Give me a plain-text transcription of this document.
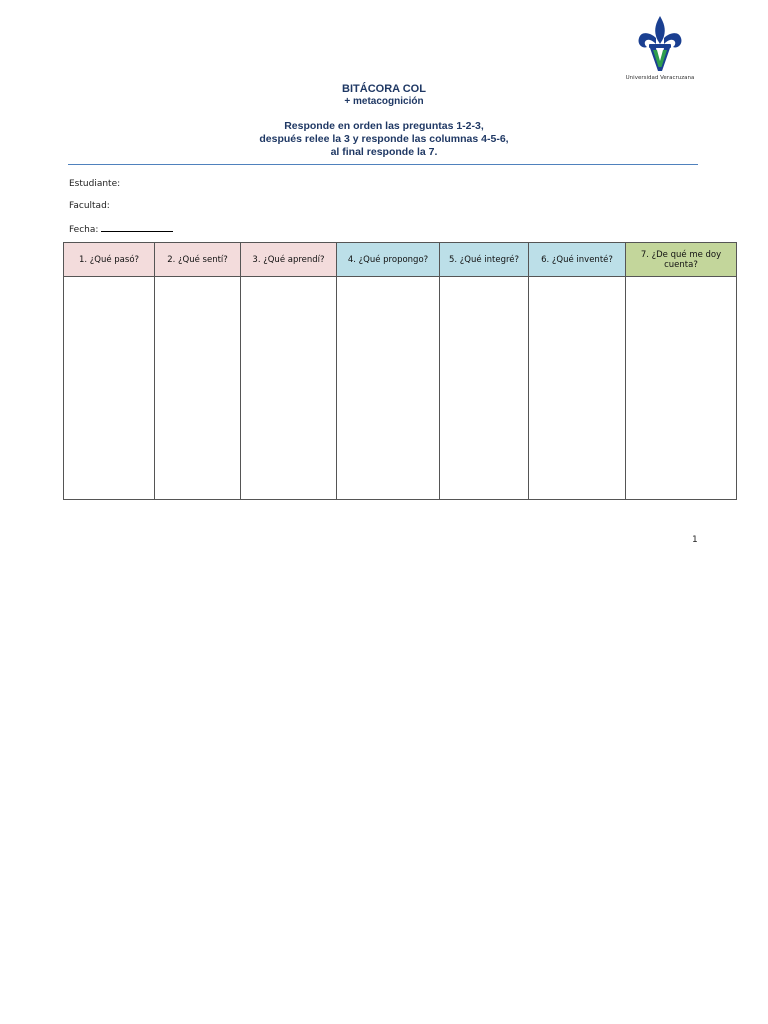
Universidad Veracruzana
BITÁCORA COL
+ metacognición
Responde en orden las preguntas 1-2-3,
después relee la 3 y responde las columnas 4-5-6,
al final responde la 7.
Estudiante:
Facultad:
Fecha:
1. ¿Qué pasó?	2. ¿Qué sentí?	3. ¿Qué aprendí?	4. ¿Qué propongo?	5. ¿Qué integré?	6. ¿Qué inventé?	7. ¿De qué me doy cuenta?

1
